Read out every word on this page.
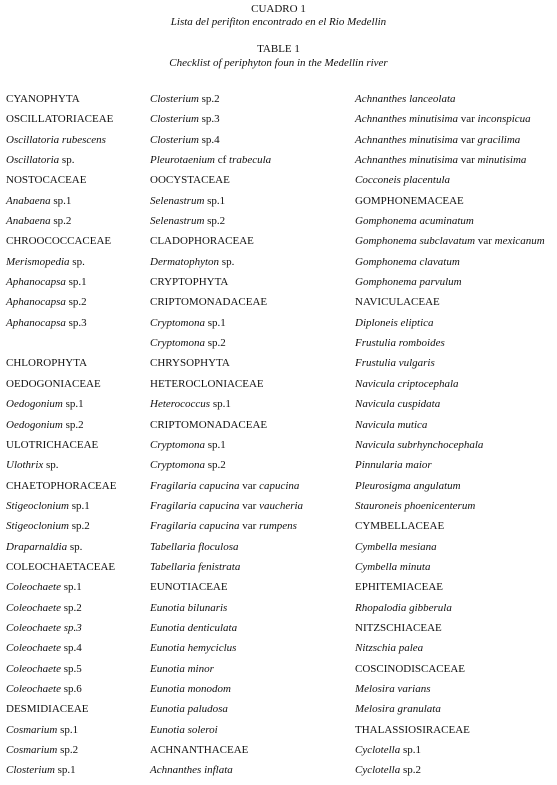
CUADRO 1
Lista del perifiton encontrado en el Rio Medellin
TABLE 1
Checklist of periphyton foun in the Medellin river
CYANOPHYTA
OSCILLATORIACEAE
Oscillatoria rubescens
Oscillatoria sp.
NOSTOCACEAE
Anabaena sp.1
Anabaena sp.2
CHROOCOCCACEAE
Merismopedia sp.
Aphanocapsa sp.1
Aphanocapsa sp.2
Aphanocapsa sp.3
CHLOROPHYTA
OEDOGONIACEAE
Oedogonium sp.1
Oedogonium sp.2
ULOTRICHACEAE
Ulothrix sp.
CHAETOPHORACEAE
Stigeoclonium sp.1
Stigeoclonium sp.2
Draparnaldia sp.
COLEOCHAETACEAE
Coleochaete sp.1
Coleochaete sp.2
Coleochaete sp.3
Coleochaete sp.4
Coleochaete sp.5
Coleochaete sp.6
DESMIDIACEAE
Cosmarium sp.1
Cosmarium sp.2
Closterium sp.1
Closterium sp.2
Closterium sp.3
Closterium sp.4
Pleurotaenium cf trabecula
OOCYSTACEAE
Selenastrum sp.1
Selenastrum sp.2
CLADOPHORACEAE
Dermatophyton sp.
CRYPTOPHYTA
CRIPTOMONADACEAE
Cryptomona sp.1
Cryptomona sp.2
CHRYSOPHYTA
HETEROCLONIACEAE
Heterococcus sp.1
CRIPTOMONADACEAE
Cryptomona sp.1
Cryptomona sp.2
Fragilaria capucina var capucina
Fragilaria capucina var vaucheria
Fragilaria capucina var rumpens
Tabellaria floculosa
Tabellaria fenistrata
EUNOTIACEAE
Eunotia bilunaris
Eunotia denticulata
Eunotia hemyciclus
Eunotia minor
Eunotia monodom
Eunotia paludosa
Eunotia soleroi
ACHNANTHACEAE
Achnanthes inflata
Achnanthes lanceolata
Achnanthes minutisima var inconspicua
Achnanthes minutisima var gracilima
Achnanthes minutisima var minutisima
Cocconeis placentula
GOMPHONEMACEAE
Gomphonema acuminatum
Gomphonema subclavatum var mexicanum
Gomphonema clavatum
Gomphonema parvulum
NAVICULACEAE
Diploneis eliptica
Frustulia romboides
Frustulia vulgaris
Navicula criptocephala
Navicula cuspidata
Navicula mutica
Navicula subrhynchocephala
Pinnularia maior
Pleurosigma angulatum
Stauroneis phoenicenterum
CYMBELLACEAE
Cymbella mesiana
Cymbella minuta
EPHITEMIACEAE
Rhopalodia gibberula
NITZSCHIACEAE
Nitzschia palea
COSCINODISCACEAE
Melosira varians
Melosira granulata
THALASSIOSIRACEAE
Cyclotella sp.1
Cyclotella sp.2
